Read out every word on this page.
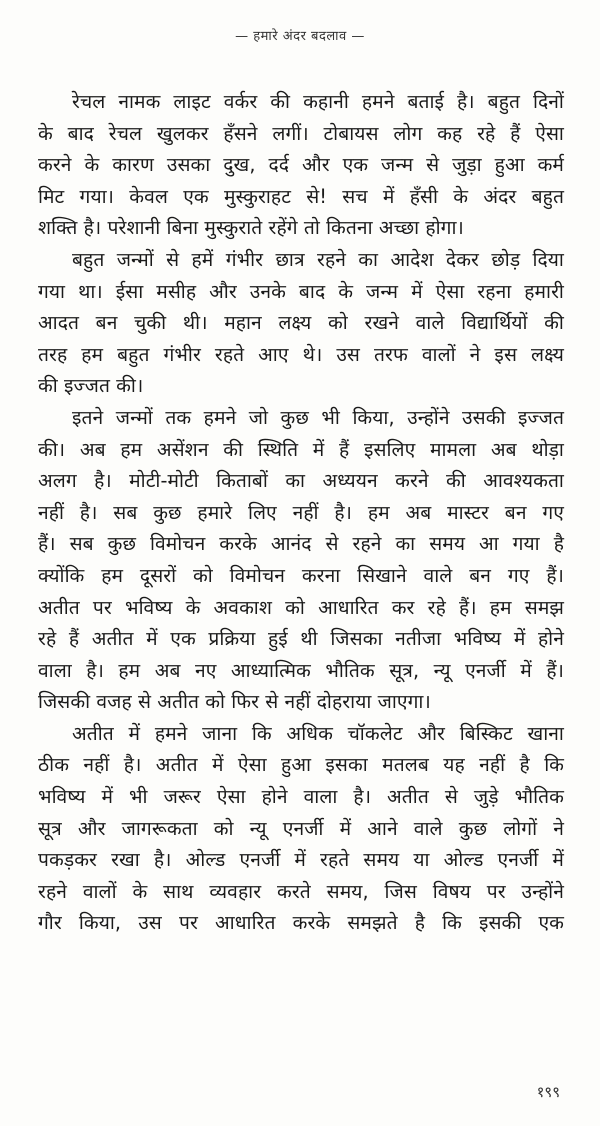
— हमारे अंदर बदलाव —
रेचल नामक लाइट वर्कर की कहानी हमने बताई है। बहुत दिनों
के बाद रेचल खुलकर हँसने लगीं। टोबायस लोग कह रहे हैं ऐसा
करने के कारण उसका दुख, दर्द और एक जन्म से जुड़ा हुआ कर्म
मिट गया। केवल एक मुस्कुराहट से! सच में हँसी के अंदर बहुत
शक्ति है। परेशानी बिना मुस्कुराते रहेंगे तो कितना अच्छा होगा।
बहुत जन्मों से हमें गंभीर छात्र रहने का आदेश देकर छोड़ दिया
गया था। ईसा मसीह और उनके बाद के जन्म में ऐसा रहना हमारी
आदत बन चुकी थी। महान लक्ष्य को रखने वाले विद्यार्थियों की
तरह हम बहुत गंभीर रहते आए थे। उस तरफ वालों ने इस लक्ष्य
की इज्जत की।
इतने जन्मों तक हमने जो कुछ भी किया, उन्होंने उसकी इज्जत
की। अब हम असेंशन की स्थिति में हैं इसलिए मामला अब थोड़ा
अलग है। मोटी-मोटी किताबों का अध्ययन करने की आवश्यकता
नहीं है। सब कुछ हमारे लिए नहीं है। हम अब मास्टर बन गए
हैं। सब कुछ विमोचन करके आनंद से रहने का समय आ गया है
क्योंकि हम दूसरों को विमोचन करना सिखाने वाले बन गए हैं।
अतीत पर भविष्य के अवकाश को आधारित कर रहे हैं। हम समझ
रहे हैं अतीत में एक प्रक्रिया हुई थी जिसका नतीजा भविष्य में होने
वाला है। हम अब नए आध्यात्मिक भौतिक सूत्र, न्यू एनर्जी में हैं।
जिसकी वजह से अतीत को फिर से नहीं दोहराया जाएगा।
अतीत में हमने जाना कि अधिक चॉकलेट और बिस्किट खाना
ठीक नहीं है। अतीत में ऐसा हुआ इसका मतलब यह नहीं है कि
भविष्य में भी जरूर ऐसा होने वाला है। अतीत से जुड़े भौतिक
सूत्र और जागरूकता को न्यू एनर्जी में आने वाले कुछ लोगों ने
पकड़कर रखा है। ओल्ड एनर्जी में रहते समय या ओल्ड एनर्जी में
रहने वालों के साथ व्यवहार करते समय, जिस विषय पर उन्होंने
गौर किया, उस पर आधारित करके समझते है कि इसकी एक
१९९
